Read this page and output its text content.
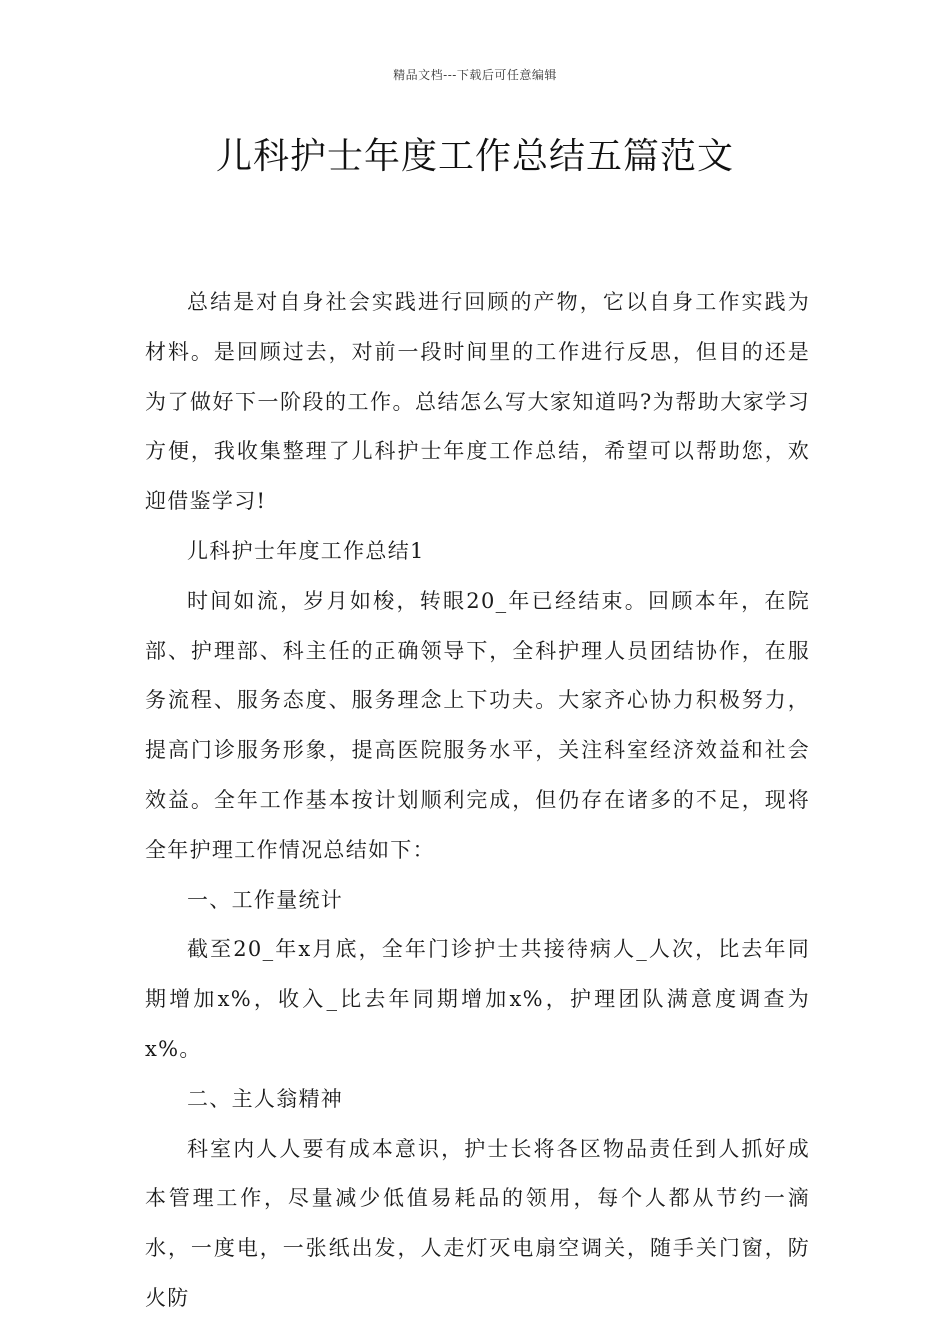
精品文档---下载后可任意编辑
儿科护士年度工作总结五篇范文

总结是对自身社会实践进行回顾的产物，它以自身工作实践为材料。是回顾过去，对前一段时间里的工作进行反思，但目的还是为了做好下一阶段的工作。总结怎么写大家知道吗?为帮助大家学习方便，我收集整理了儿科护士年度工作总结，希望可以帮助您，欢迎借鉴学习!

儿科护士年度工作总结1

时间如流，岁月如梭，转眼20_年已经结束。回顾本年，在院部、护理部、科主任的正确领导下，全科护理人员团结协作，在服务流程、服务态度、服务理念上下功夫。大家齐心协力积极努力，提高门诊服务形象，提高医院服务水平，关注科室经济效益和社会效益。全年工作基本按计划顺利完成，但仍存在诸多的不足，现将全年护理工作情况总结如下：

一、工作量统计

截至20_年x月底，全年门诊护士共接待病人_人次，比去年同期增加x%，收入_比去年同期增加x%，护理团队满意度调查为x%。

二、主人翁精神

科室内人人要有成本意识，护士长将各区物品责任到人抓好成本管理工作，尽量减少低值易耗品的领用，每个人都从节约一滴水，一度电，一张纸出发，人走灯灭电扇空调关，随手关门窗，防火防
